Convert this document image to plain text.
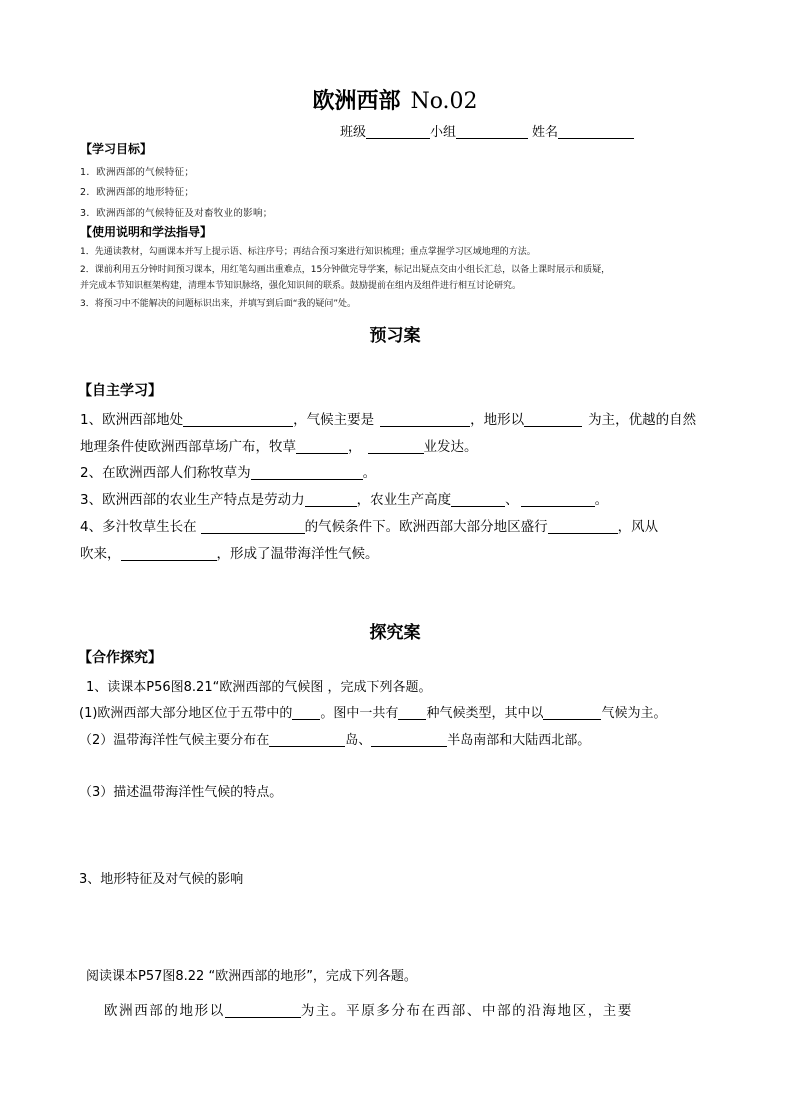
欧洲西部 No.02
班级	小组	姓名
【学习目标】
1．欧洲西部的气候特征；
2．欧洲西部的地形特征；
3．欧洲西部的气候特征及对畜牧业的影响；
【使用说明和学法指导】
1．先通读教材，勾画课本并写上提示语、标注序号；再结合预习案进行知识梳理；重点掌握学习区域地理的方法。
2．课前利用五分钟时间预习课本，用红笔勾画出重难点，15分钟做完导学案，标记出疑点交由小组长汇总，以备上课时展示和质疑，
并完成本节知识框架构建，清理本节知识脉络，强化知识间的联系。鼓励提前在组内及组件进行相互讨论研究。
3．将预习中不能解决的问题标识出来，并填写到后面“我的疑问”处。
预习案
【自主学习】
1、欧洲西部地处	，气候主要是	，地形以	为主，优越的自然
地理条件使欧洲西部草场广布，牧草	，	业发达。
2、在欧洲西部人们称牧草为	。
3、欧洲西部的农业生产特点是劳动力	，农业生产高度	、	。
4、多汁牧草生长在	的气候条件下。欧洲西部大部分地区盛行	，风从
吹来，	，形成了温带海洋性气候。
探究案
【合作探究】
1、读课本P56图8.21“欧洲西部的气候图 ，完成下列各题。
(1)欧洲西部大部分地区位于五带中的 。图中一共有 种气候类型，其中以	气候为主。
（2）温带海洋性气候主要分布在	岛、	半岛南部和大陆西北部。
（3）描述温带海洋性气候的特点。
3、地形特征及对气候的影响
阅读课本P57图8.22 “欧洲西部的地形”，完成下列各题。
欧洲西部的地形以	为主。平原多分布在西部、中部的沿海地区，主要
